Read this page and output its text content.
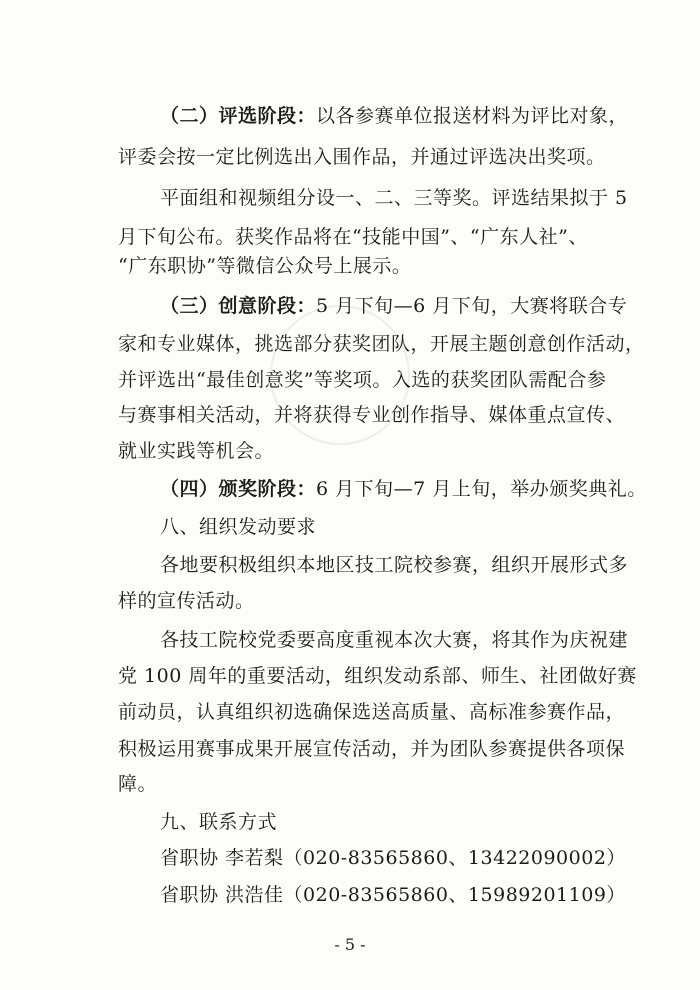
（二）评选阶段：以各参赛单位报送材料为评比对象，
评委会按一定比例选出入围作品，并通过评选决出奖项。
平面组和视频组分设一、二、三等奖。评选结果拟于 5
月下旬公布。获奖作品将在“技能中国”、“广东人社”、
“广东职协”等微信公众号上展示。
（三）创意阶段：5 月下旬—6 月下旬，大赛将联合专
家和专业媒体，挑选部分获奖团队，开展主题创意创作活动，
并评选出“最佳创意奖”等奖项。入选的获奖团队需配合参
与赛事相关活动，并将获得专业创作指导、媒体重点宣传、
就业实践等机会。
（四）颁奖阶段：6 月下旬—7 月上旬，举办颁奖典礼。
八、组织发动要求
各地要积极组织本地区技工院校参赛，组织开展形式多
样的宣传活动。
各技工院校党委要高度重视本次大赛，将其作为庆祝建
党 100 周年的重要活动，组织发动系部、师生、社团做好赛
前动员，认真组织初选确保选送高质量、高标准参赛作品，
积极运用赛事成果开展宣传活动，并为团队参赛提供各项保
障。
九、联系方式
省职协 李若梨（020-83565860、13422090002）
省职协 洪浩佳（020-83565860、15989201109）
- 5 -
